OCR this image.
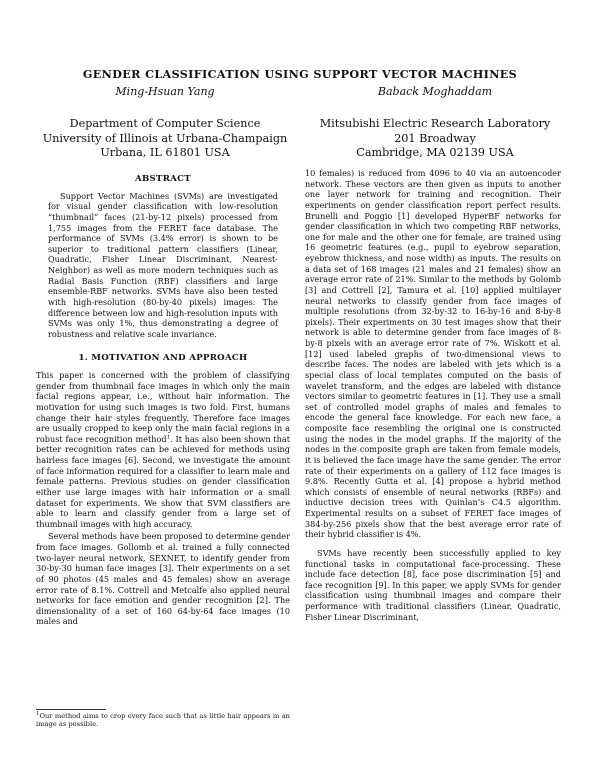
GENDER CLASSIFICATION USING SUPPORT VECTOR MACHINES
Ming-Hsuan Yang	Baback Moghaddam
Department of Computer Science
University of Illinois at Urbana-Champaign
Urbana, IL 61801 USA
Mitsubishi Electric Research Laboratory
201 Broadway
Cambridge, MA 02139 USA
ABSTRACT

Support Vector Machines (SVMs) are investigated for visual gender classification with low-resolution “thumbnail” faces (21-by-12 pixels) processed from 1,755 images from the FERET face database. The performance of SVMs (3.4% error) is shown to be superior to traditional pattern classifiers (Linear, Quadratic, Fisher Linear Discriminant, Nearest-Neighbor) as well as more modern techniques such as Radial Basis Function (RBF) classifiers and large ensemble-RBF networks. SVMs have also been tested with high-resolution (80-by-40 pixels) images. The difference between low and high-resolution inputs with SVMs was only 1%, thus demonstrating a degree of robustness and relative scale invariance.

1. MOTIVATION AND APPROACH

This paper is concerned with the problem of classifying gender from thumbnail face images in which only the main facial regions appear, i.e., without hair information. The motivation for using such images is two fold. First, humans change their hair styles frequently. Therefore face images are usually cropped to keep only the main facial regions in a robust face recognition method$^1$. It has also been shown that better recognition rates can be achieved for methods using hairless face images [6]. Second, we investigate the amount of face information required for a classifier to learn male and female patterns. Previous studies on gender classification either use large images with hair information or a small dataset for experiments. We show that SVM classifiers are able to learn and classify gender from a large set of thumbnail images with high accuracy.

Several methods have been proposed to determine gender from face images. Gollomb et al. trained a fully connected two-layer neural network, SEXNET, to identify gender from 30-by-30 human face images [3]. Their experiments on a set of 90 photos (45 males and 45 females) show an average error rate of 8.1%. Cottrell and Metcalfe also applied neural networks for face emotion and gender recognition [2]. The dimensionality of a set of 160 64-by-64 face images (10 males and

10 females) is reduced from 4096 to 40 via an autoencoder network. These vectors are then given as inputs to another one layer network for training and recognition. Their experiments on gender classification report perfect results. Brunelli and Poggio [1] developed HyperBF networks for gender classification in which two competing RBF networks, one for male and the other one for female, are trained using 16 geometric features (e.g., pupil to eyebrow separation, eyebrow thickness, and nose width) as inputs. The results on a data set of 168 images (21 males and 21 females) show an average error rate of 21%. Similar to the methods by Golomb [3] and Cottrell [2], Tamura et al. [10] applied multilayer neural networks to classify gender from face images of multiple resolutions (from 32-by-32 to 16-by-16 and 8-by-8 pixels). Their experiments on 30 test images show that their network is able to determine gender from face images of 8-by-8 pixels with an average error rate of 7%. Wiskott et al. [12] used labeled graphs of two-dimensional views to describe faces. The nodes are labeled with jets which is a special class of local templates computed on the basis of wavelet transform, and the edges are labeled with distance vectors similar to geometric features in [1]. They use a small set of controlled model graphs of males and females to encode the general face knowledge. For each new face, a composite face resembling the original one is constructed using the nodes in the model graphs. If the majority of the nodes in the composite graph are taken from female models, it is believed the face image have the same gender. The error rate of their experiments on a gallery of 112 face images is 9.8%. Recently Gutta et al. [4] propose a hybrid method which consists of ensemble of neural networks (RBFs) and inductive decision trees with Quinlan’s C4.5 algorithm. Experimental results on a subset of FERET face images of 384-by-256 pixels show that the best average error rate of their hybrid classifier is 4%.

SVMs have recently been successfully applied to key functional tasks in computational face-processing. These include face detection [8], face pose discrimination [5] and face recognition [9]. In this paper, we apply SVMs for gender classification using thumbnail images and compare their performance with traditional classifiers (Linear, Quadratic, Fisher Linear Discriminant,

$^1$Our method aims to crop every face such that as little hair appears in an image as possible.
